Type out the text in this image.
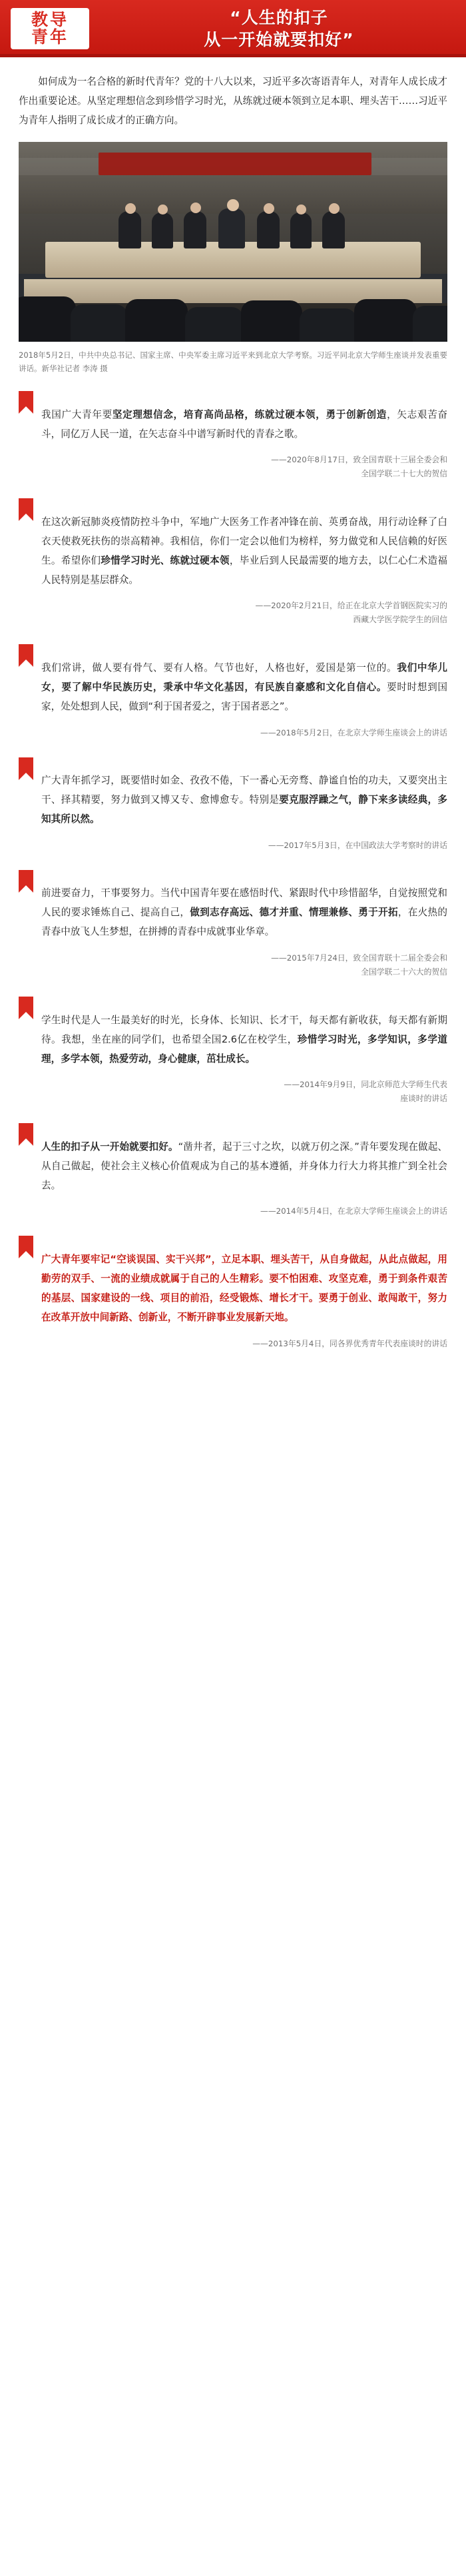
教导
青年
“人生的扣子
从一开始就要扣好”

如何成为一名合格的新时代青年？党的十八大以来，习近平多次寄语青年人，对青年人成长成才作出重要论述。从坚定理想信念到珍惜学习时光，从练就过硬本领到立足本职、埋头苦干……习近平为青年人指明了成长成才的正确方向。

2018年5月2日，中共中央总书记、国家主席、中央军委主席习近平来到北京大学考察。习近平同北京大学师生座谈并发表重要讲话。新华社记者 李涛 摄

我国广大青年要坚定理想信念，培育高尚品格，练就过硬本领，勇于创新创造，矢志艰苦奋斗，同亿万人民一道，在矢志奋斗中谱写新时代的青春之歌。

——2020年8月17日，致全国青联十三届全委会和
全国学联二十七大的贺信

在这次新冠肺炎疫情防控斗争中，军地广大医务工作者冲锋在前、英勇奋战，用行动诠释了白衣天使救死扶伤的崇高精神。我相信，你们一定会以他们为榜样，努力做党和人民信赖的好医生。希望你们珍惜学习时光、练就过硬本领，毕业后到人民最需要的地方去，以仁心仁术造福人民特别是基层群众。

——2020年2月21日，给正在北京大学首钢医院实习的
西藏大学医学院学生的回信

我们常讲，做人要有骨气、要有人格。气节也好，人格也好，爱国是第一位的。我们中华儿女，要了解中华民族历史，秉承中华文化基因，有民族自豪感和文化自信心。要时时想到国家，处处想到人民，做到“利于国者爱之，害于国者恶之”。

——2018年5月2日，在北京大学师生座谈会上的讲话

广大青年抓学习，既要惜时如金、孜孜不倦，下一番心无旁骛、静谧自怡的功夫，又要突出主干、择其精要，努力做到又博又专、愈博愈专。特别是要克服浮躁之气，静下来多读经典，多知其所以然。

——2017年5月3日，在中国政法大学考察时的讲话

前进要奋力，干事要努力。当代中国青年要在感悟时代、紧跟时代中珍惜韶华，自觉按照党和人民的要求锤炼自己、提高自己，做到志存高远、德才并重、情理兼修、勇于开拓，在火热的青春中放飞人生梦想，在拼搏的青春中成就事业华章。

——2015年7月24日，致全国青联十二届全委会和
全国学联二十六大的贺信

学生时代是人一生最美好的时光，长身体、长知识、长才干，每天都有新收获，每天都有新期待。我想，坐在座的同学们，也希望全国2.6亿在校学生，珍惜学习时光，多学知识，多学道理，多学本领，热爱劳动，身心健康，茁壮成长。

——2014年9月9日，同北京师范大学师生代表
座谈时的讲话

人生的扣子从一开始就要扣好。“凿井者，起于三寸之坎，以就万仞之深。”青年要发现在做起、从自己做起，使社会主义核心价值观成为自己的基本遵循，并身体力行大力将其推广到全社会去。

——2014年5月4日，在北京大学师生座谈会上的讲话

广大青年要牢记“空谈误国、实干兴邦”，立足本职、埋头苦干，从自身做起，从此点做起，用勤劳的双手、一流的业绩成就属于自己的人生精彩。要不怕困难、攻坚克难，勇于到条件艰苦的基层、国家建设的一线、项目的前沿，经受锻炼、增长才干。要勇于创业、敢闯敢干，努力在改革开放中间新路、创新业，不断开辟事业发展新天地。

——2013年5月4日，同各界优秀青年代表座谈时的讲话
